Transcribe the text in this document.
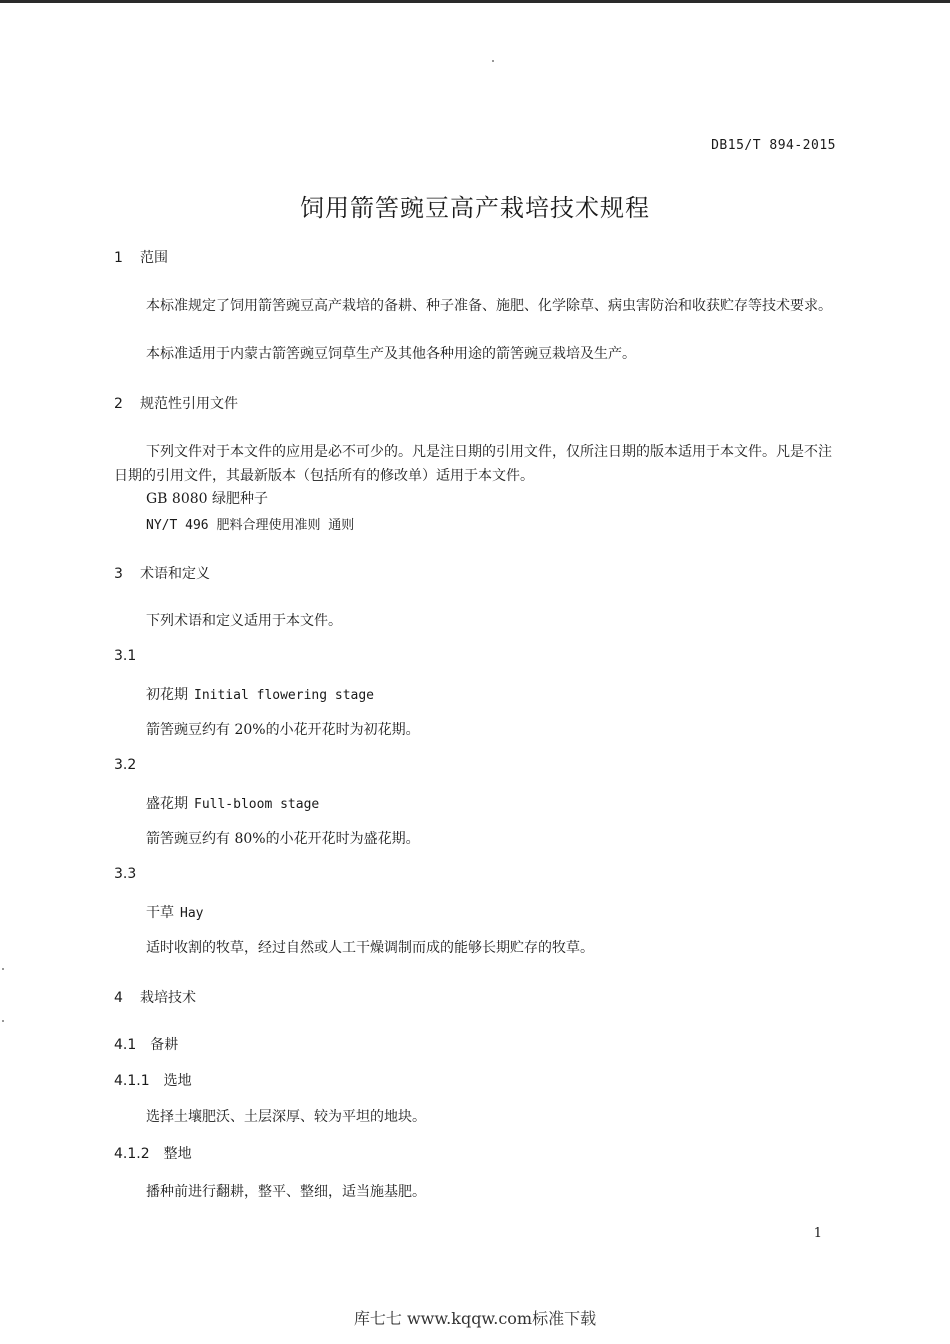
DB15/T 894-2015
饲用箭筈豌豆高产栽培技术规程
1 范围
本标准规定了饲用箭筈豌豆高产栽培的备耕、种子准备、施肥、化学除草、病虫害防治和收获贮存等技术要求。
本标准适用于内蒙古箭筈豌豆饲草生产及其他各种用途的箭筈豌豆栽培及生产。
2 规范性引用文件
下列文件对于本文件的应用是必不可少的。凡是注日期的引用文件，仅所注日期的版本适用于本文件。凡是不注日期的引用文件，其最新版本（包括所有的修改单）适用于本文件。
GB 8080 绿肥种子
NY/T 496 肥料合理使用准则 通则
3 术语和定义
下列术语和定义适用于本文件。
3.1
初花期 Initial flowering stage
箭筈豌豆约有 20%的小花开花时为初花期。
3.2
盛花期 Full-bloom stage
箭筈豌豆约有 80%的小花开花时为盛花期。
3.3
干草 Hay
适时收割的牧草，经过自然或人工干燥调制而成的能够长期贮存的牧草。
4 栽培技术
4.1 备耕
4.1.1 选地
选择土壤肥沃、土层深厚、较为平坦的地块。
4.1.2 整地
播种前进行翻耕，整平、整细，适当施基肥。
1
库七七 www.kqqw.com标准下载
